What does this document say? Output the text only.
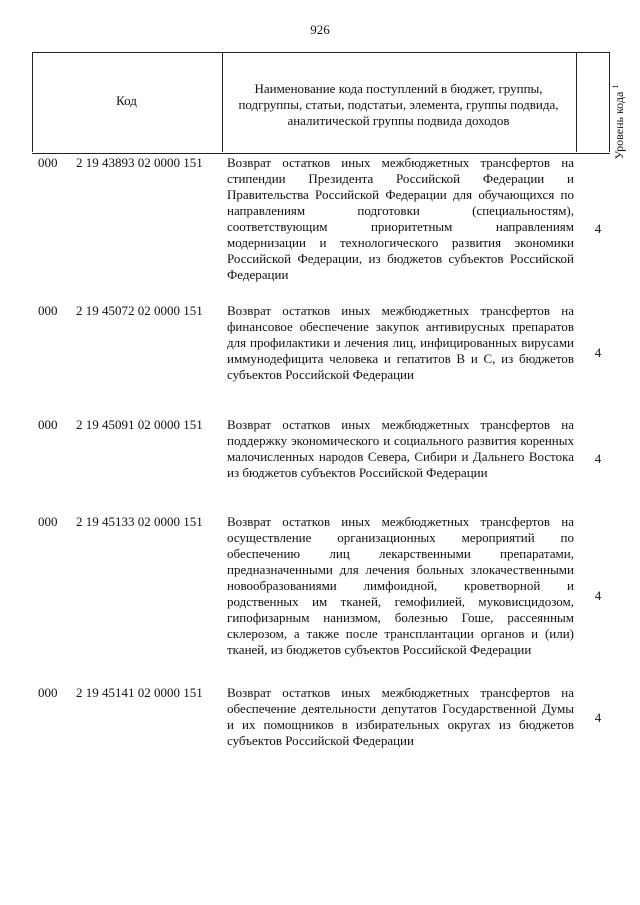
926
Код
Наименование кода поступлений в бюджет, группы, подгруппы, статьи, подстатьи, элемента, группы подвида, аналитической группы подвида доходов	Уровень кода $^1$
000 2 19 43893 02 0000 151 Возврат остатков иных межбюджетных трансфертов на стипендии Президента Российской Федерации и Правительства Российской Федерации для обучающихся по направлениям подготовки (специальностям), соответствующим приоритетным направлениям модернизации и технологического развития экономики Российской Федерации, из бюджетов субъектов Российской Федерации
4
000 2 19 45072 02 0000 151 Возврат остатков иных межбюджетных трансфертов на финансовое обеспечение закупок антивирусных препаратов для профилактики и лечения лиц, инфицированных вирусами иммунодефицита человека и гепатитов В и С, из бюджетов субъектов Российской Федерации
4
000 2 19 45091 02 0000 151 Возврат остатков иных межбюджетных трансфертов на поддержку экономического и социального развития коренных малочисленных народов Севера, Сибири и Дальнего Востока из бюджетов субъектов Российской Федерации
4
000 2 19 45133 02 0000 151 Возврат остатков иных межбюджетных трансфертов на осуществление организационных мероприятий по обеспечению лиц лекарственными препаратами, предназначенными для лечения больных злокачественными новообразованиями лимфоидной, кроветворной и родственных им тканей, гемофилией, муковисцидозом, гипофизарным нанизмом, болезнью Гоше, рассеянным склерозом, а также после трансплантации органов и (или) тканей, из бюджетов субъектов Российской Федерации
4
000 2 19 45141 02 0000 151 Возврат остатков иных межбюджетных трансфертов на обеспечение деятельности депутатов Государственной Думы и их помощников в избирательных округах из бюджетов субъектов Российской Федерации
4
